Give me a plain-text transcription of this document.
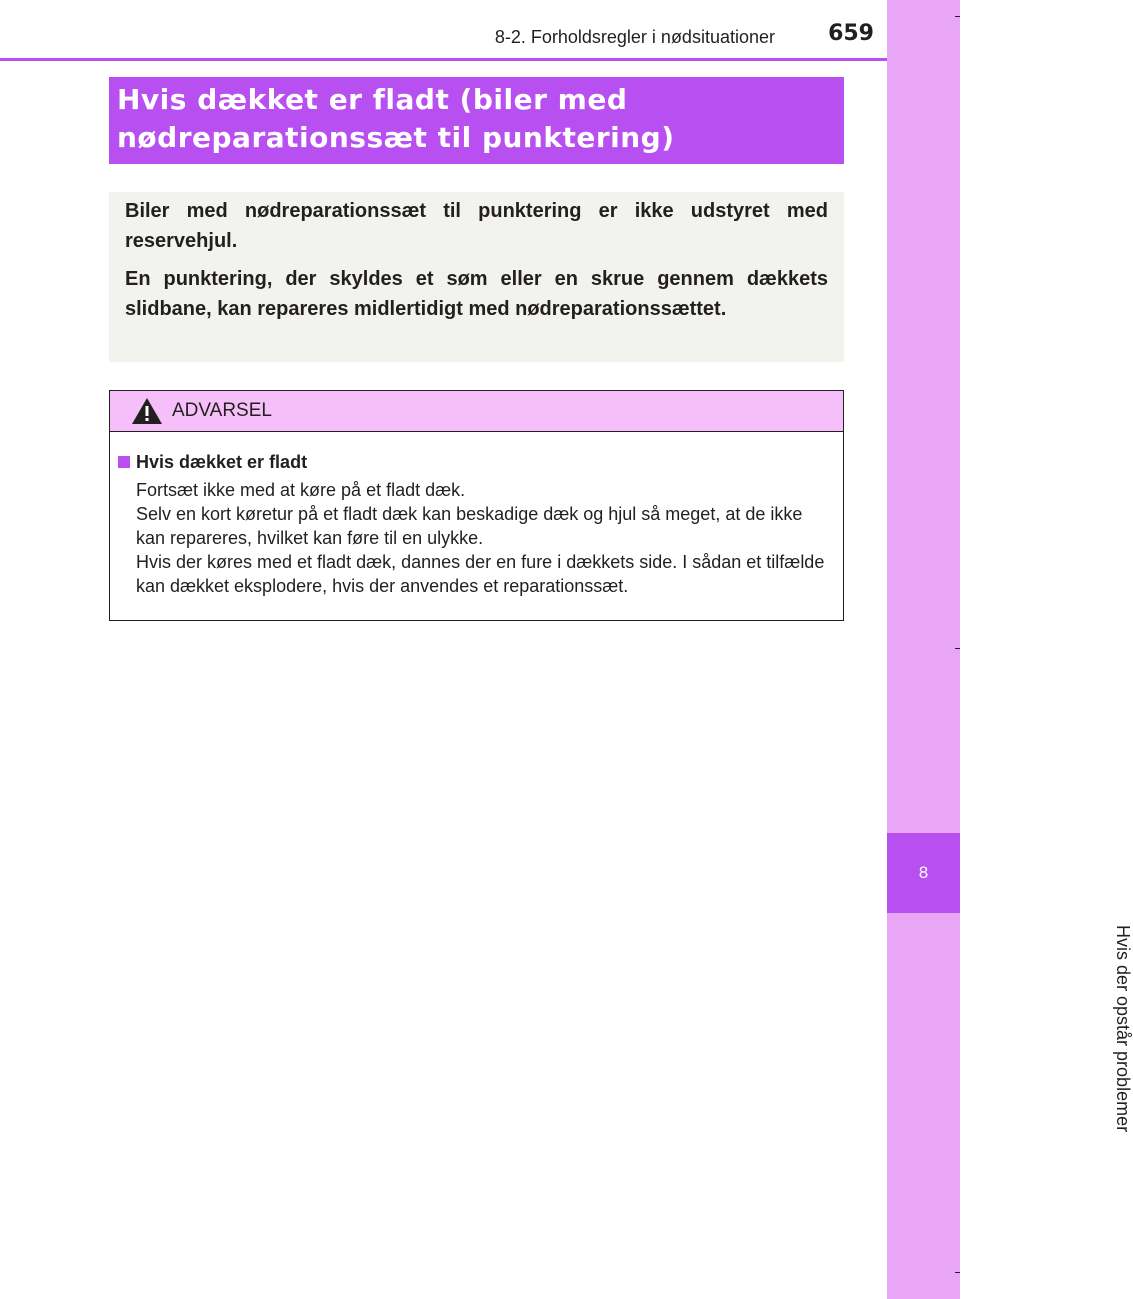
8-2. Forholdsregler i nødsituationer 659
Hvis dækket er fladt (biler med
nødreparationssæt til punktering)

Biler med nødreparationssæt til punktering er ikke udstyret med reservehjul.

En punktering, der skyldes et søm eller en skrue gennem dækkets slidbane, kan repareres midlertidigt med nødreparationssættet.

ADVARSEL
Hvis dækket er fladt
Fortsæt ikke med at køre på et fladt dæk.
Selv en kort køretur på et fladt dæk kan beskadige dæk og hjul så meget, at de ikke kan repareres, hvilket kan føre til en ulykke.
Hvis der køres med et fladt dæk, dannes der en fure i dækkets side. I sådan et tilfælde kan dækket eksplodere, hvis der anvendes et reparationssæt.
8
Hvis der opstår problemer
